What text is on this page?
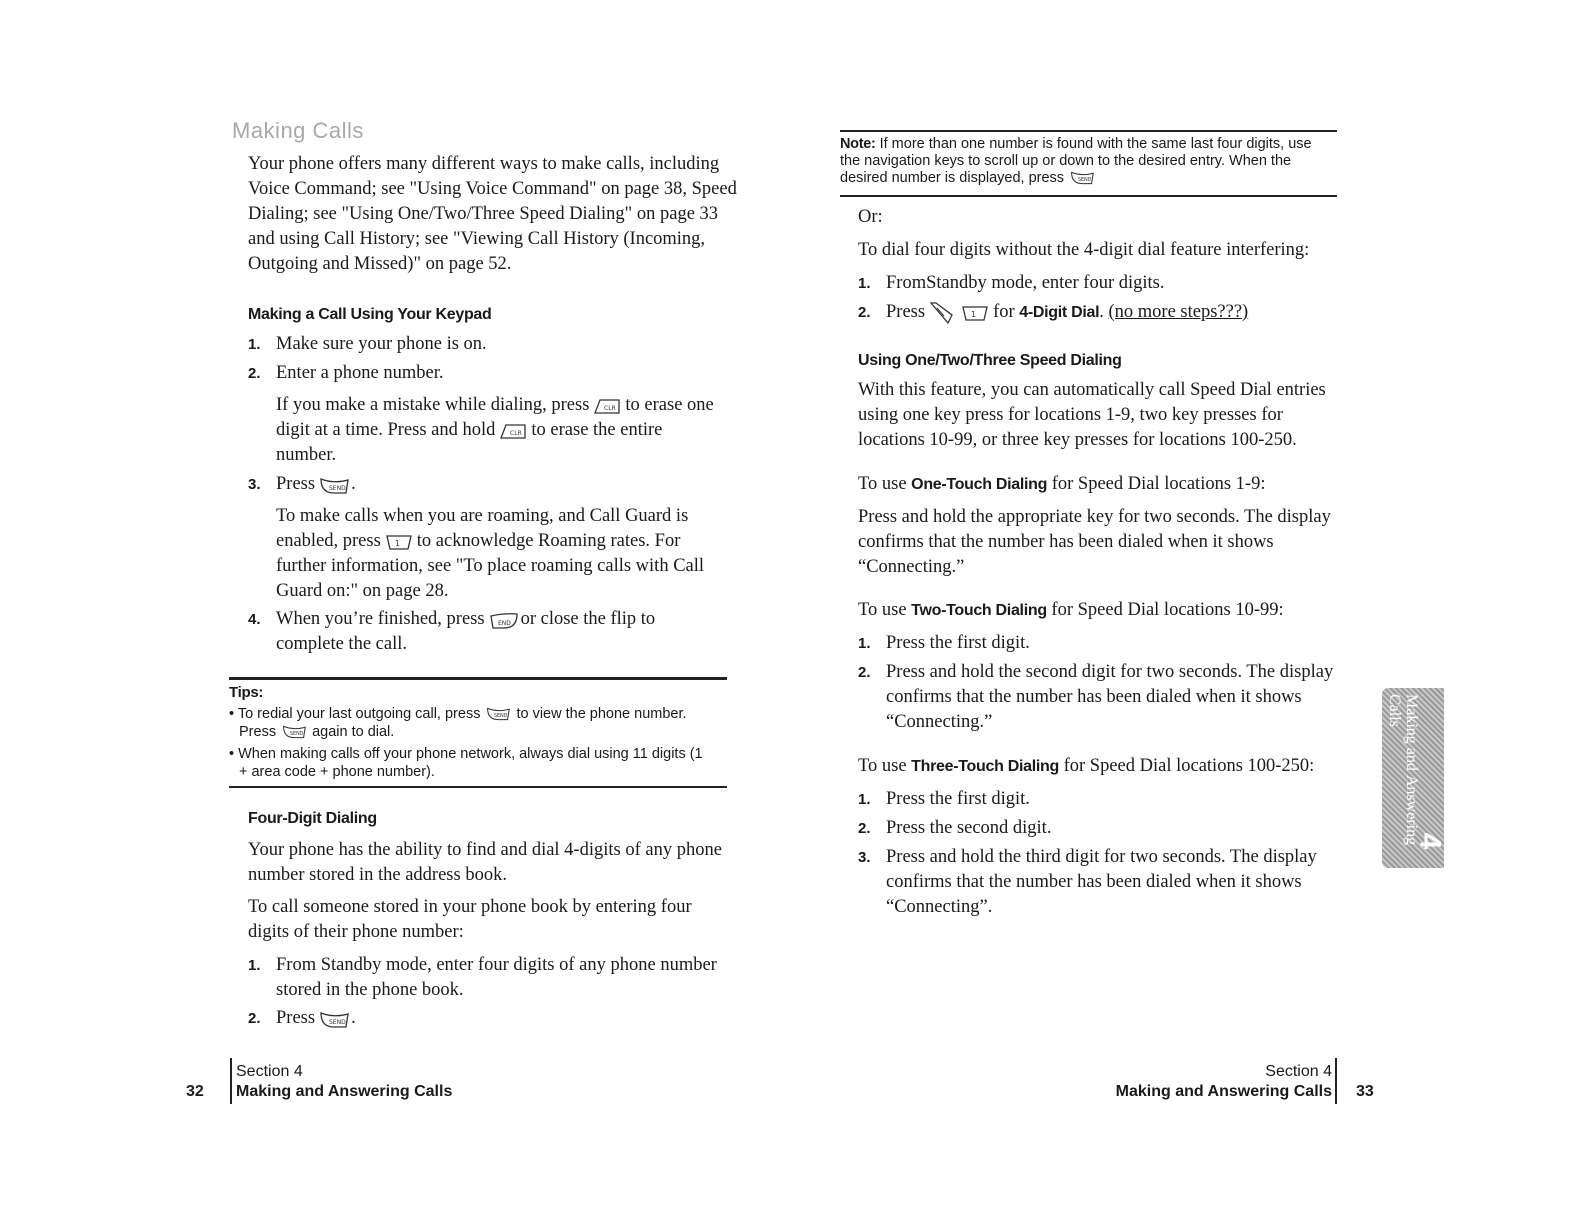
Making Calls
Your phone offers many different ways to make calls, including
Voice Command; see "Using Voice Command" on page 38, Speed
Dialing; see "Using One/Two/Three Speed Dialing" on page 33
and using Call History; see "Viewing Call History (Incoming,
Outgoing and Missed)" on page 52.
Making a Call Using Your Keypad
1. Make sure your phone is on.
2. Enter a phone number.
If you make a mistake while dialing, press	CLR to erase one
digit at a time. Press and hold	CLR to erase the entire
number.
3. Press SEND .
To make calls when you are roaming, and Call Guard is
enabled, press 1 to acknowledge Roaming rates. For
further information, see "To place roaming calls with Call
Guard on:" on page 28.
4. When you’re finished, press END or close the flip to
complete the call.
Tips:
• To redial your last outgoing call, press SEND to view the phone number.
Press SEND again to dial.
• When making calls off your phone network, always dial using 11 digits (1
+ area code + phone number).
Four-Digit Dialing
Your phone has the ability to find and dial 4-digits of any phone
number stored in the address book.
To call someone stored in your phone book by entering four
digits of their phone number:
1. From Standby mode, enter four digits of any phone number
stored in the phone book.
2. Press SEND .
Section 4
Making and Answering Calls
32
Note: If more than one number is found with the same last four digits, use
the navigation keys to scroll up or down to the desired entry. When the
desired number is displayed, press SEND
Or:
To dial four digits without the 4-digit dial feature interfering:
1. FromStandby mode, enter four digits.
2. Press	1 for 4-Digit Dial. (no more steps???)
Using One/Two/Three Speed Dialing
With this feature, you can automatically call Speed Dial entries
using one key press for locations 1-9, two key presses for
locations 10-99, or three key presses for locations 100-250.
To use One-Touch Dialing for Speed Dial locations 1-9:
Press and hold the appropriate key for two seconds. The display
confirms that the number has been dialed when it shows
“Connecting.”
To use Two-Touch Dialing for Speed Dial locations 10-99:
1. Press the first digit.
2. Press and hold the second digit for two seconds. The display
confirms that the number has been dialed when it shows
“Connecting.”
To use Three-Touch Dialing for Speed Dial locations 100-250:
1. Press the first digit.
2. Press the second digit.
3. Press and hold the third digit for two seconds. The display
confirms that the number has been dialed when it shows
“Connecting”.
Making and Answering Calls
4
Section 4
Making and Answering Calls 33
